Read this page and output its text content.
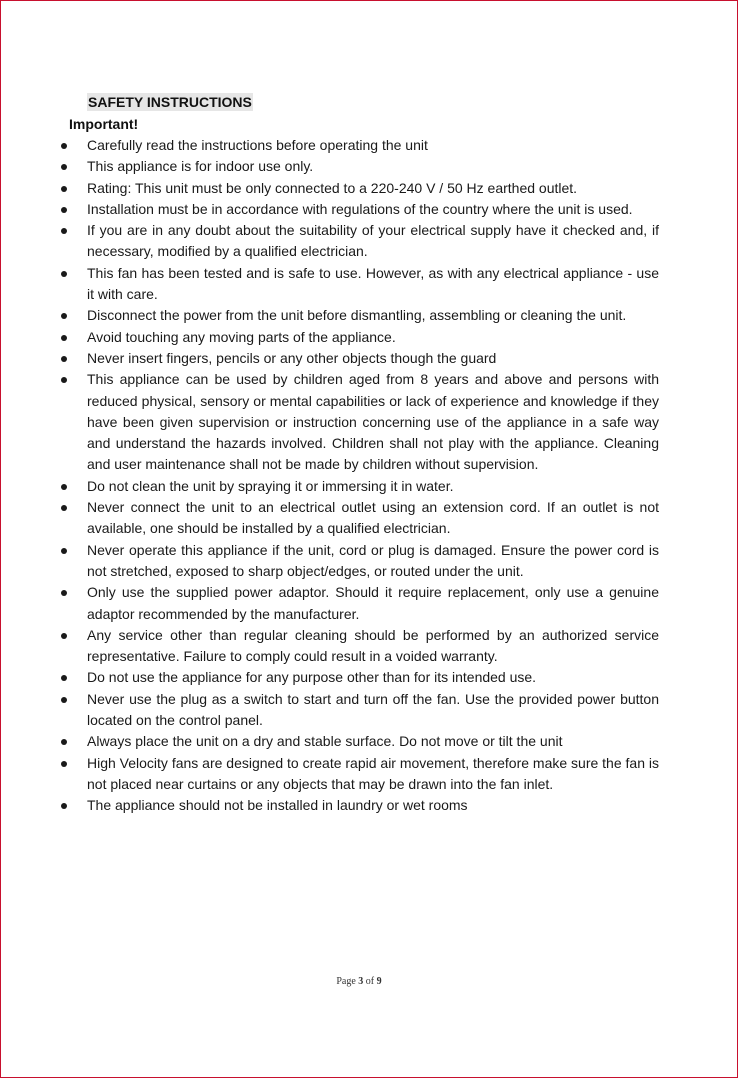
SAFETY INSTRUCTIONS
Important!
Carefully read the instructions before operating the unit
This appliance is for indoor use only.
Rating: This unit must be only connected to a 220-240 V / 50 Hz earthed outlet.
Installation must be in accordance with regulations of the country where the unit is used.
If you are in any doubt about the suitability of your electrical supply have it checked and, if necessary, modified by a qualified electrician.
This fan has been tested and is safe to use. However, as with any electrical appliance - use it with care.
Disconnect the power from the unit before dismantling, assembling or cleaning the unit.
Avoid touching any moving parts of the appliance.
Never insert fingers, pencils or any other objects though the guard
This appliance can be used by children aged from 8 years and above and persons with reduced physical, sensory or mental capabilities or lack of experience and knowledge if they have been given supervision or instruction concerning use of the appliance in a safe way and understand the hazards involved. Children shall not play with the appliance. Cleaning and user maintenance shall not be made by children without supervision.
Do not clean the unit by spraying it or immersing it in water.
Never connect the unit to an electrical outlet using an extension cord. If an outlet is not available, one should be installed by a qualified electrician.
Never operate this appliance if the unit, cord or plug is damaged. Ensure the power cord is not stretched, exposed to sharp object/edges, or routed under the unit.
Only use the supplied power adaptor. Should it require replacement, only use a genuine adaptor recommended by the manufacturer.
Any service other than regular cleaning should be performed by an authorized service representative. Failure to comply could result in a voided warranty.
Do not use the appliance for any purpose other than for its intended use.
Never use the plug as a switch to start and turn off the fan. Use the provided power button located on the control panel.
Always place the unit on a dry and stable surface. Do not move or tilt the unit
High Velocity fans are designed to create rapid air movement, therefore make sure the fan is not placed near curtains or any objects that may be drawn into the fan inlet.
The appliance should not be installed in laundry or wet rooms
Page 3 of 9
